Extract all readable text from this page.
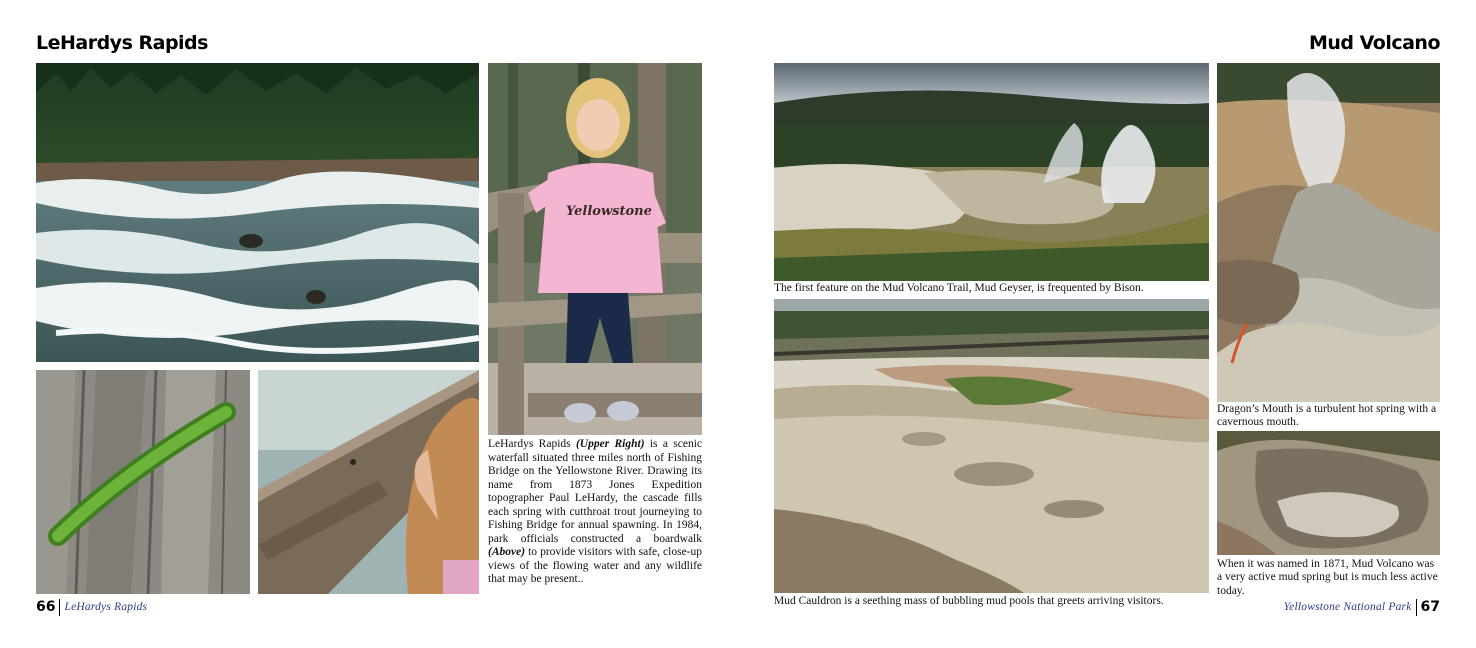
LeHardys Rapids
Yellowstone
LeHardys Rapids (Upper Right) is a scenic waterfall situated three miles north of Fishing Bridge on the Yellowstone River. Drawing its name from 1873 Jones Expedition topographer Paul LeHardy, the cascade fills each spring with cutthroat trout journeying to Fishing Bridge for annual spawning. In 1984, park officials constructed a boardwalk (Above) to provide visitors with safe, close-up views of the flowing water and any wildlife that may be present..
66 LeHardys Rapids
Mud Volcano
The first feature on the Mud Volcano Trail, Mud Geyser, is frequented by Bison.
Mud Cauldron is a seething mass of bubbling mud pools that greets arriving visitors.
Dragon’s Mouth is a turbulent hot spring with a cavernous mouth.
When it was named in 1871, Mud Volcano was a very active mud spring but is much less active today.
Yellowstone National Park 67
